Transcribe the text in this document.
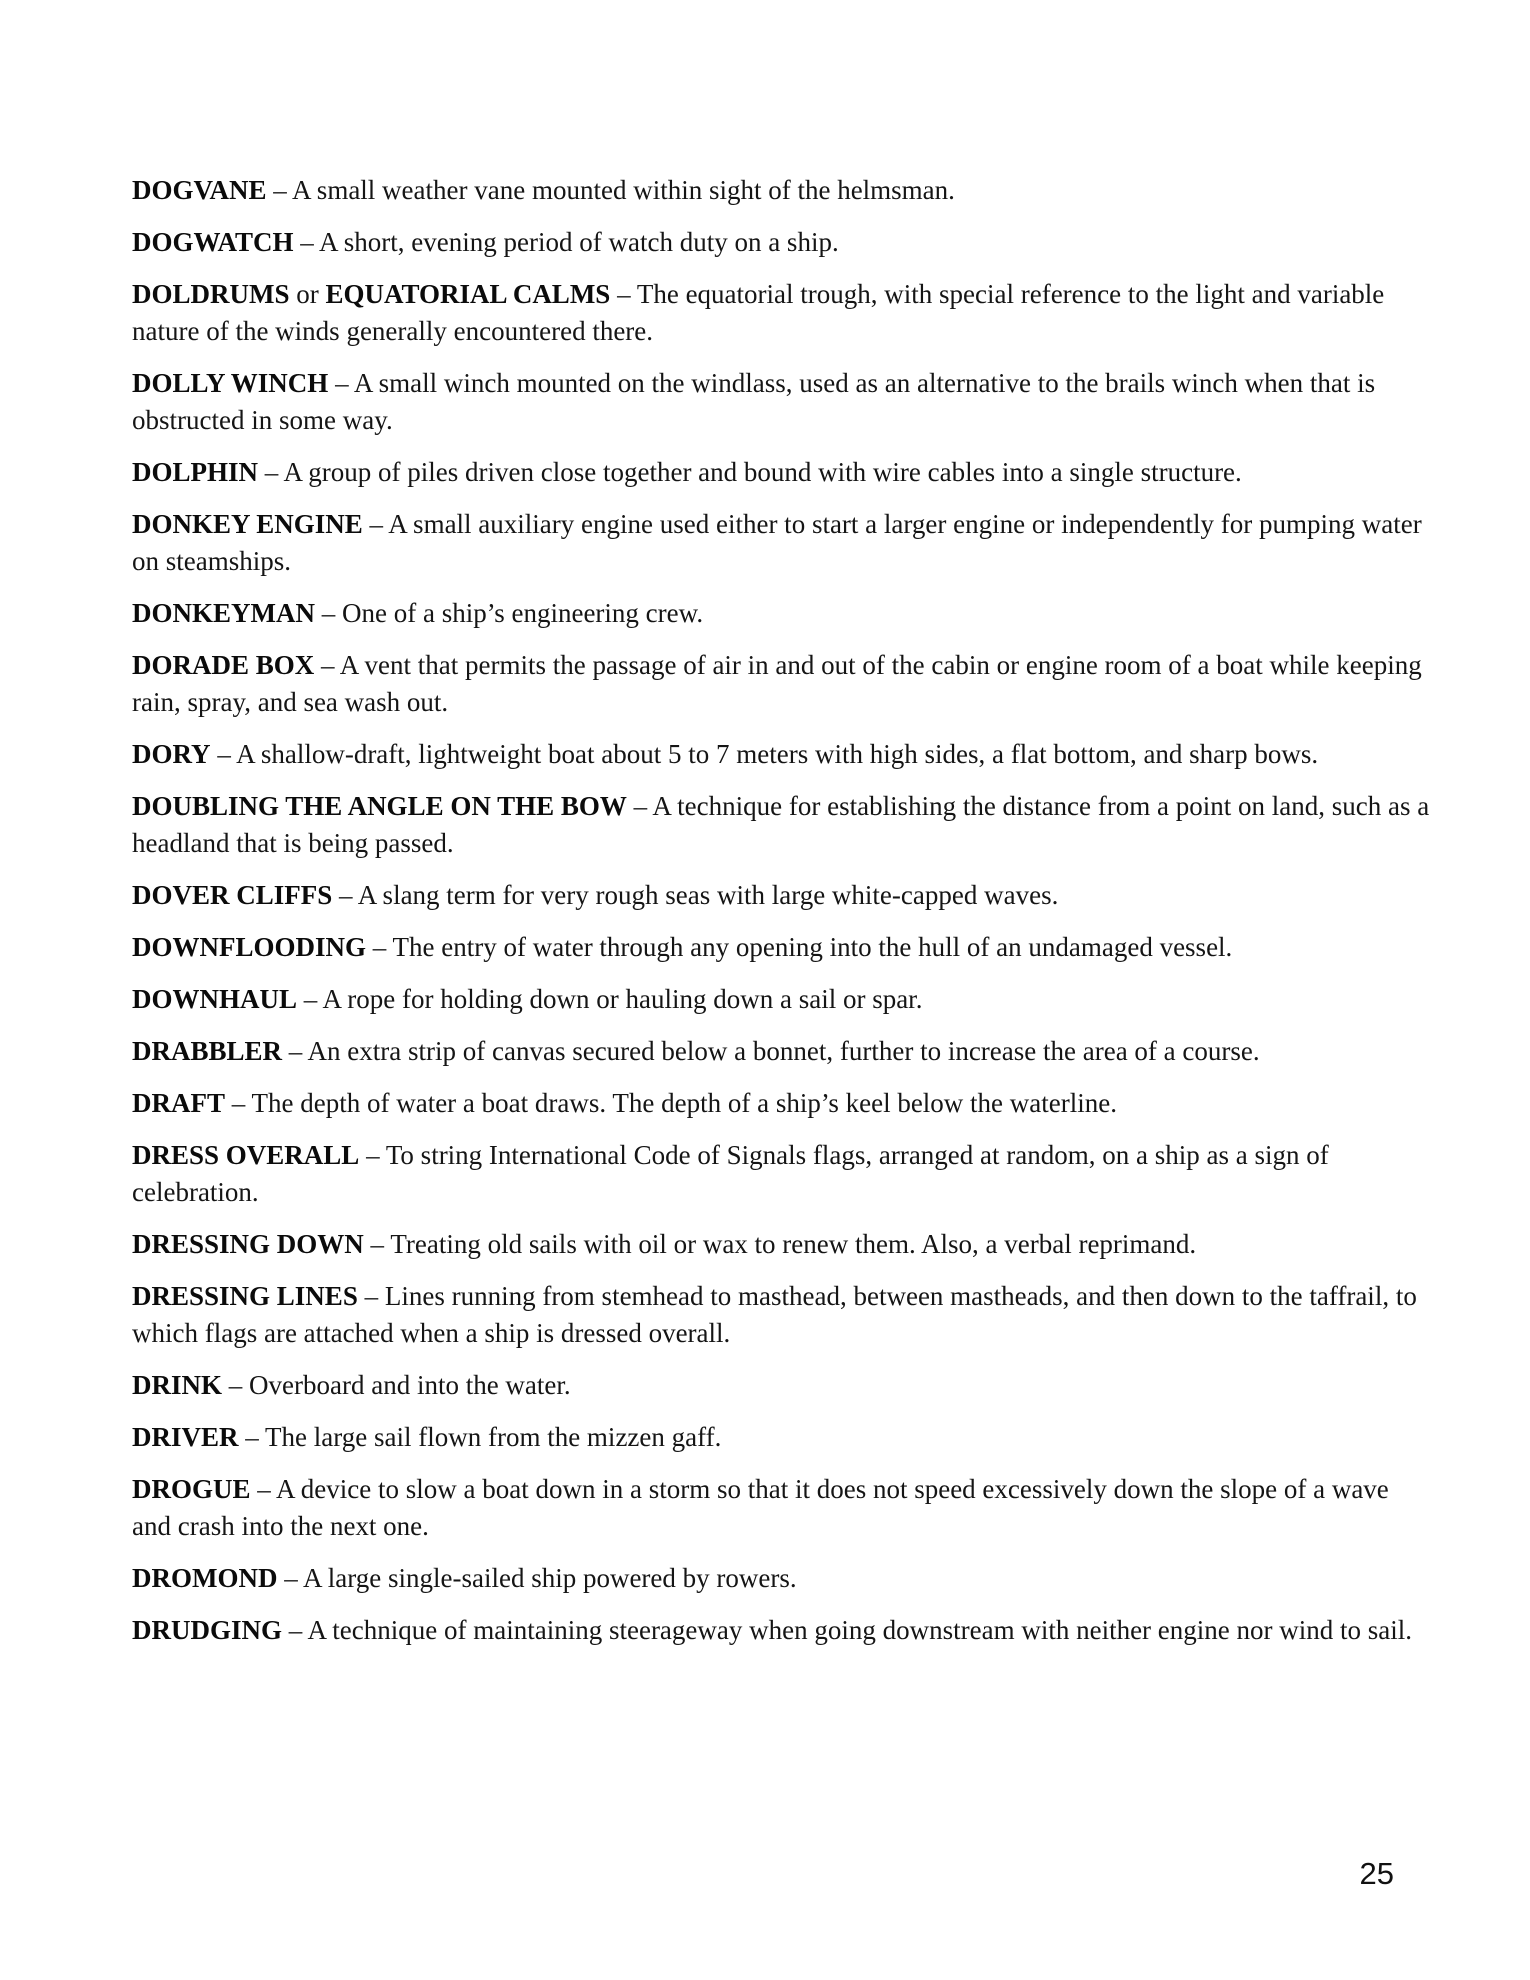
DOGVANE – A small weather vane mounted within sight of the helmsman.

DOGWATCH – A short, evening period of watch duty on a ship.

DOLDRUMS or EQUATORIAL CALMS – The equatorial trough, with special reference to the light and variable nature of the winds generally encountered there.

DOLLY WINCH – A small winch mounted on the windlass, used as an alternative to the brails winch when that is obstructed in some way.

DOLPHIN – A group of piles driven close together and bound with wire cables into a single structure.

DONKEY ENGINE – A small auxiliary engine used either to start a larger engine or independently for pumping water on steamships.

DONKEYMAN – One of a ship’s engineering crew.

DORADE BOX – A vent that permits the passage of air in and out of the cabin or engine room of a boat while keeping rain, spray, and sea wash out.

DORY – A shallow-draft, lightweight boat about 5 to 7 meters with high sides, a flat bottom, and sharp bows.

DOUBLING THE ANGLE ON THE BOW – A technique for establishing the distance from a point on land, such as a headland that is being passed.

DOVER CLIFFS – A slang term for very rough seas with large white-capped waves.

DOWNFLOODING – The entry of water through any opening into the hull of an undamaged vessel.

DOWNHAUL – A rope for holding down or hauling down a sail or spar.

DRABBLER – An extra strip of canvas secured below a bonnet, further to increase the area of a course.

DRAFT – The depth of water a boat draws. The depth of a ship’s keel below the waterline.

DRESS OVERALL – To string International Code of Signals flags, arranged at random, on a ship as a sign of celebration.

DRESSING DOWN – Treating old sails with oil or wax to renew them. Also, a verbal reprimand.

DRESSING LINES – Lines running from stemhead to masthead, between mastheads, and then down to the taffrail, to which flags are attached when a ship is dressed overall.

DRINK – Overboard and into the water.

DRIVER – The large sail flown from the mizzen gaff.

DROGUE – A device to slow a boat down in a storm so that it does not speed excessively down the slope of a wave and crash into the next one.

DROMOND – A large single-sailed ship powered by rowers.

DRUDGING – A technique of maintaining steerageway when going downstream with neither engine nor wind to sail.

25
